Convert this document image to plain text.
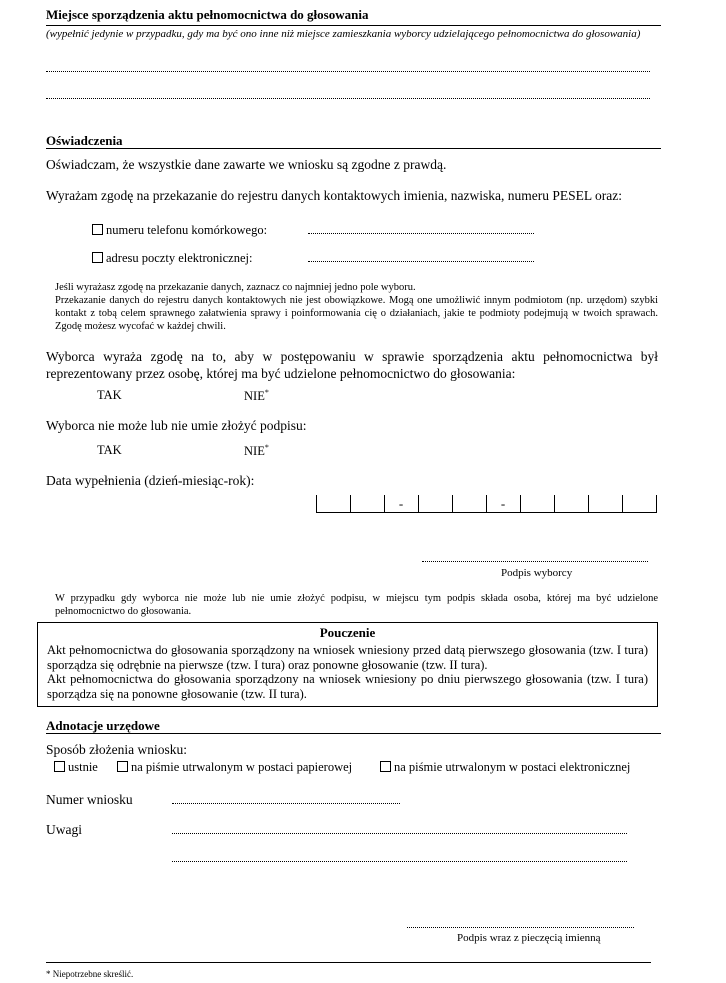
Miejsce sporządzenia aktu pełnomocnictwa do głosowania
(wypełnić jedynie w przypadku, gdy ma być ono inne niż miejsce zamieszkania wyborcy udzielającego pełnomocnictwa do głosowania)
Oświadczenia
Oświadczam, że wszystkie dane zawarte we wniosku są zgodne z prawdą.
Wyrażam zgodę na przekazanie do rejestru danych kontaktowych imienia, nazwiska, numeru PESEL oraz:
numeru telefonu komórkowego:
adresu poczty elektronicznej:
Jeśli wyrażasz zgodę na przekazanie danych, zaznacz co najmniej jedno pole wyboru.
Przekazanie danych do rejestru danych kontaktowych nie jest obowiązkowe. Mogą one umożliwić innym podmiotom (np. urzędom) szybki kontakt z tobą celem sprawnego załatwienia sprawy i poinformowania cię o działaniach, jakie te podmioty podejmują w twoich sprawach. Zgodę możesz wycofać w każdej chwili.
Wyborca wyraża zgodę na to, aby w postępowaniu w sprawie sporządzenia aktu pełnomocnictwa był reprezentowany przez osobę, której ma być udzielone pełnomocnictwo do głosowania:
TAK	NIE*
Wyborca nie może lub nie umie złożyć podpisu:
TAK	NIE*
Data wypełnienia (dzień-miesiąc-rok):
-	-
Podpis wyborcy
W przypadku gdy wyborca nie może lub nie umie złożyć podpisu, w miejscu tym podpis składa osoba, której ma być udzielone pełnomocnictwo do głosowania.
Pouczenie
Akt pełnomocnictwa do głosowania sporządzony na wniosek wniesiony przed datą pierwszego głosowania (tzw. I tura) sporządza się odrębnie na pierwsze (tzw. I tura) oraz ponowne głosowanie (tzw. II tura).
Akt pełnomocnictwa do głosowania sporządzony na wniosek wniesiony po dniu pierwszego głosowania (tzw. I tura) sporządza się na ponowne głosowanie (tzw. II tura).
Adnotacje urzędowe
Sposób złożenia wniosku:
ustnie	na piśmie utrwalonym w postaci papierowej	na piśmie utrwalonym w postaci elektronicznej
Numer wniosku
Uwagi
Podpis wraz z pieczęcią imienną
* Niepotrzebne skreślić.
